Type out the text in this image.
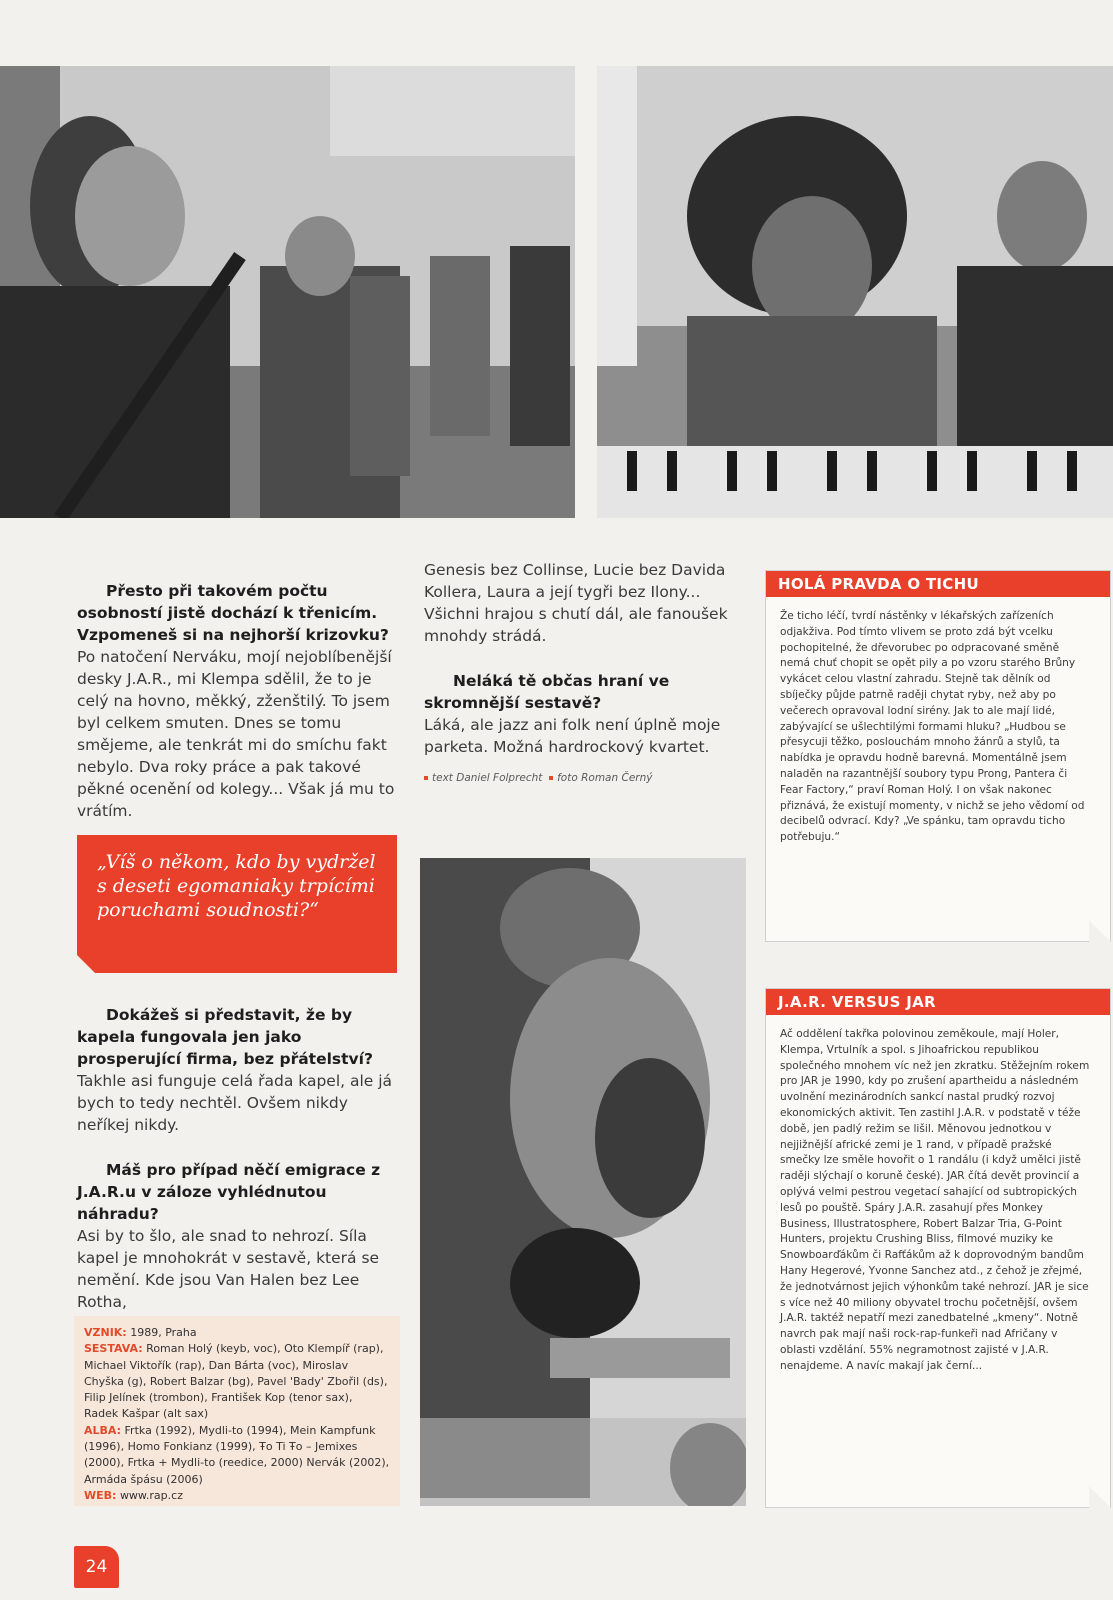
Přesto při takovém počtu osobností jistě dochází k třenicím. Vzpomeneš si na nejhorší krizovku?

Po natočení Nerváku, mojí nejoblíbenější desky J.A.R., mi Klempa sdělil, že to je celý na hovno, měkký, zženštilý. To jsem byl celkem smuten. Dnes se tomu smějeme, ale tenkrát mi do smíchu fakt nebylo. Dva roky práce a pak takové pěkné ocenění od kolegy... Však já mu to vrátím.

„Víš o někom, kdo by vydržel s deseti egomaniaky trpícími poruchami soudnosti?“

Dokážeš si představit, že by kapela fungovala jen jako prosperující firma, bez přátelství?

Takhle asi funguje celá řada kapel, ale já bych to tedy nechtěl. Ovšem nikdy neříkej nikdy.

Máš pro případ něčí emigrace z J.A.R.u v záloze vyhlédnutou náhradu?

Asi by to šlo, ale snad to nehrozí. Síla kapel je mnohokrát v sestavě, která se nemění. Kde jsou Van Halen bez Lee Rotha,

Genesis bez Collinse, Lucie bez Davida Kollera, Laura a její tygři bez Ilony... Všichni hrajou s chutí dál, ale fanoušek mnohdy strádá.

Neláká tě občas hraní ve skromnější sestavě?

Láká, ale jazz ani folk není úplně moje parketa. Možná hardrockový kvartet.

text Daniel Folprecht foto Roman Černý
VZNIK: 1989, Praha
SESTAVA: Roman Holý (keyb, voc), Oto Klempíř (rap), Michael Viktořík (rap), Dan Bárta (voc), Miroslav Chyška (g), Robert Balzar (bg), Pavel 'Bady' Zbořil (ds), Filip Jelínek (trombon), František Kop (tenor sax), Radek Kašpar (alt sax)
ALBA: Frtka (1992), Mydli-to (1994), Mein Kampfunk (1996), Homo Fonkianz (1999), Ŧo Ti Ŧo – Jemixes (2000), Frtka + Mydli-to (reedice, 2000) Nervák (2002), Armáda špásu (2006)
WEB: www.rap.cz
HOLÁ PRAVDA O TICHU
Že ticho léčí, tvrdí nástěnky v lékařských zařízeních odjakživa. Pod tímto vlivem se proto zdá být vcelku pochopitelné, že dřevorubec po odpracované směně nemá chuť chopit se opět pily a po vzoru starého Brůny vykácet celou vlastní zahradu. Stejně tak dělník od sbíječky půjde patrně raději chytat ryby, než aby po večerech opravoval lodní sirény. Jak to ale mají lidé, zabývající se ušlechtilými formami hluku? „Hudbou se přesycuji těžko, poslouchám mnoho žánrů a stylů, ta nabídka je opravdu hodně barevná. Momentálně jsem naladěn na razantnější soubory typu Prong, Pantera či Fear Factory,“ praví Roman Holý. I on však nakonec přiznává, že existují momenty, v nichž se jeho vědomí od decibelů odvrací. Kdy? „Ve spánku, tam opravdu ticho potřebuju.“
J.A.R. VERSUS JAR
Ač oddělení takřka polovinou zeměkoule, mají Holer, Klempa, Vrtulník a spol. s Jihoafrickou republikou společného mnohem víc než jen zkratku. Stěžejním rokem pro JAR je 1990, kdy po zrušení apartheidu a následném uvolnění mezinárodních sankcí nastal prudký rozvoj ekonomických aktivit. Ten zastihl J.A.R. v podstatě v téže době, jen padlý režim se lišil. Měnovou jednotkou v nejjižnější africké zemi je 1 rand, v případě pražské smečky lze směle hovořit o 1 randálu (i když umělci jistě raději slýchají o koruně české). JAR čítá devět provincií a oplývá velmi pestrou vegetací sahající od subtropických lesů po pouště. Spáry J.A.R. zasahují přes Monkey Business, Illustratosphere, Robert Balzar Tria, G-Point Hunters, projektu Crushing Bliss, filmové muziky ke Snowboarďákům či Rafťákům až k doprovodným bandům Hany Hegerové, Yvonne Sanchez atd., z čehož je zřejmé, že jednotvárnost jejich výhonkům také nehrozí. JAR je sice s více než 40 miliony obyvatel trochu početnější, ovšem J.A.R. taktéž nepatří mezi zanedbatelné „kmeny“. Notně navrch pak mají naši rock-rap-funkeři nad Afričany v oblasti vzdělání. 55% negramotnost zajisté v J.A.R. nenajdeme. A navíc makají jak černí...
24
